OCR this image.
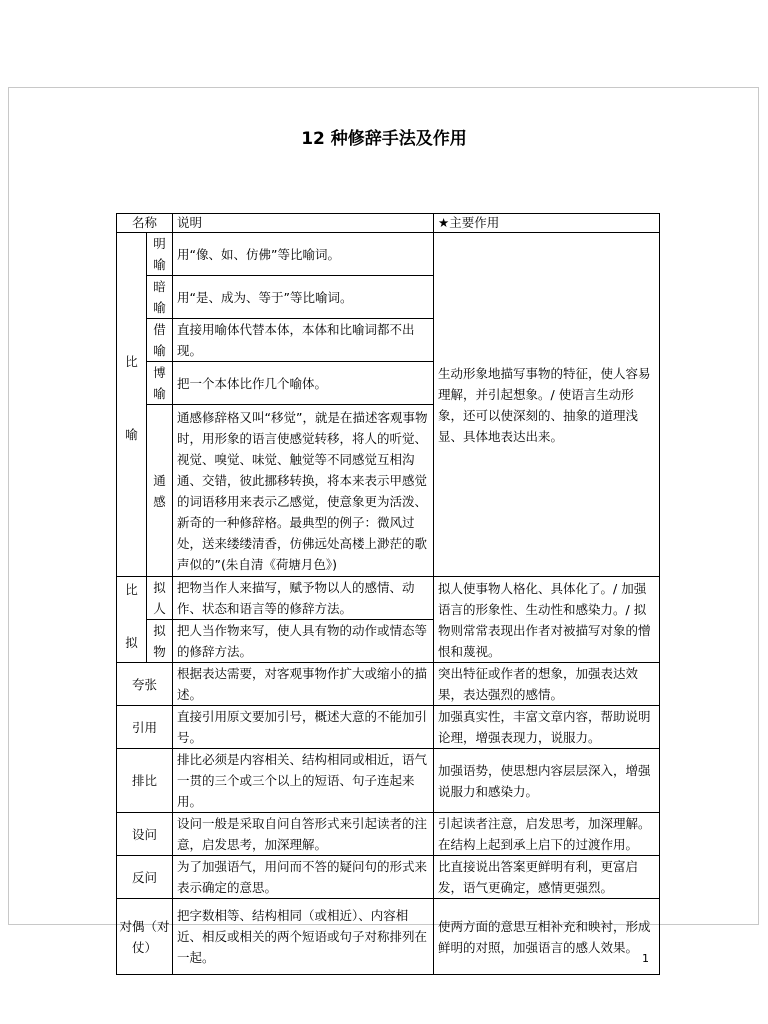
12 种修辞手法及作用
名称		说明	★主要作用

比
喻	明喻	用“像、如、仿佛”等比喻词。	生动形象地描写事物的特征，使人容易理解，并引起想象。/ 使语言生动形象，还可以使深刻的、抽象的道理浅显、具体地表达出来。
	暗喻	用“是、成为、等于”等比喻词。	
	借喻	直接用喻体代替本体，本体和比喻词都不出现。	
	博喻	把一个本体比作几个喻体。	
	通感	通感修辞格又叫“移觉”，就是在描述客观事物时，用形象的语言使感觉转移，将人的听觉、视觉、嗅觉、味觉、触觉等不同感觉互相沟通、交错，彼此挪移转换，将本来表示甲感觉的词语移用来表示乙感觉，使意象更为活泼、新奇的一种修辞格。最典型的例子：微风过处，送来缕缕清香，仿佛远处高楼上渺茫的歌声似的”(朱自清《荷塘月色》)	

比
拟	拟人	把物当作人来描写，赋予物以人的感情、动作、状态和语言等的修辞方法。	拟人使事物人格化、具体化了。/ 加强语言的形象性、生动性和感染力。/ 拟物则常常表现出作者对被描写对象的憎恨和蔑视。
	拟物	把人当作物来写，使人具有物的动作或情态等的修辞方法。	
夸张		根据表达需要，对客观事物作扩大或缩小的描述。	突出特征或作者的想象，加强表达效果，表达强烈的感情。
引用		直接引用原文要加引号，概述大意的不能加引号。	加强真实性，丰富文章内容，帮助说明论理，增强表现力，说服力。
排比		排比必须是内容相关、结构相同或相近，语气一贯的三个或三个以上的短语、句子连起来用。	加强语势，使思想内容层层深入，增强说服力和感染力。
设问		设问一般是采取自问自答形式来引起读者的注意，启发思考，加深理解。	引起读者注意，启发思考，加深理解。在结构上起到承上启下的过渡作用。
反问		为了加强语气，用问而不答的疑问句的形式来表示确定的意思。	比直接说出答案更鲜明有利，更富启发，语气更确定，感情更强烈。
对偶（对仗）		把字数相等、结构相同（或相近）、内容相近、相反或相关的两个短语或句子对称排列在一起。	使两方面的意思互相补充和映衬，形成鲜明的对照，加强语言的感人效果。
1
